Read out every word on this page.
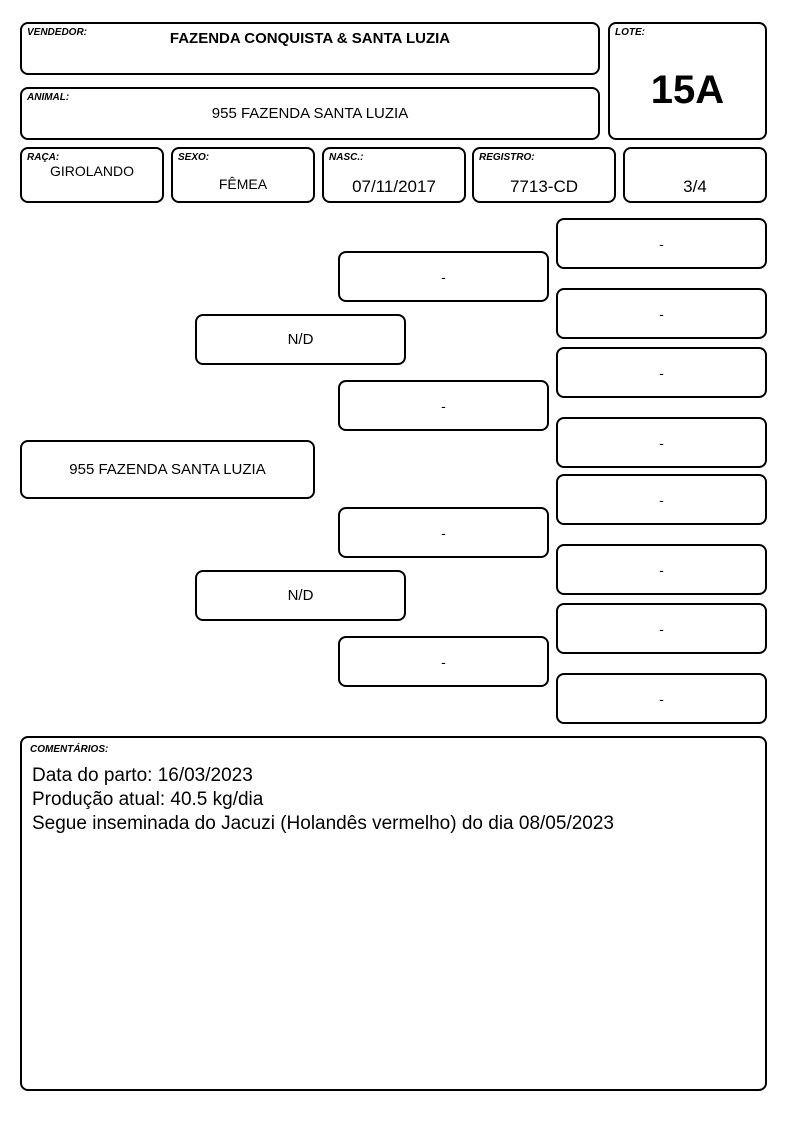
VENDEDOR:	FAZENDA CONQUISTA & SANTA LUZIA	LOTE:
15A
ANIMAL:
955 FAZENDA SANTA LUZIA
RAÇA:
GIROLANDO
SEXO:
FÊMEA
NASC.:
07/11/2017
REGISTRO:
7713-CD	3/4
955 FAZENDA SANTA LUZIA
N/D
N/D
-
-
-
-
-
-
-
-
-
-
-
-
COMENTÁRIOS:
Data do parto: 16/03/2023
Produção atual: 40.5 kg/dia
Segue inseminada do Jacuzi (Holandês vermelho) do dia 08/05/2023
